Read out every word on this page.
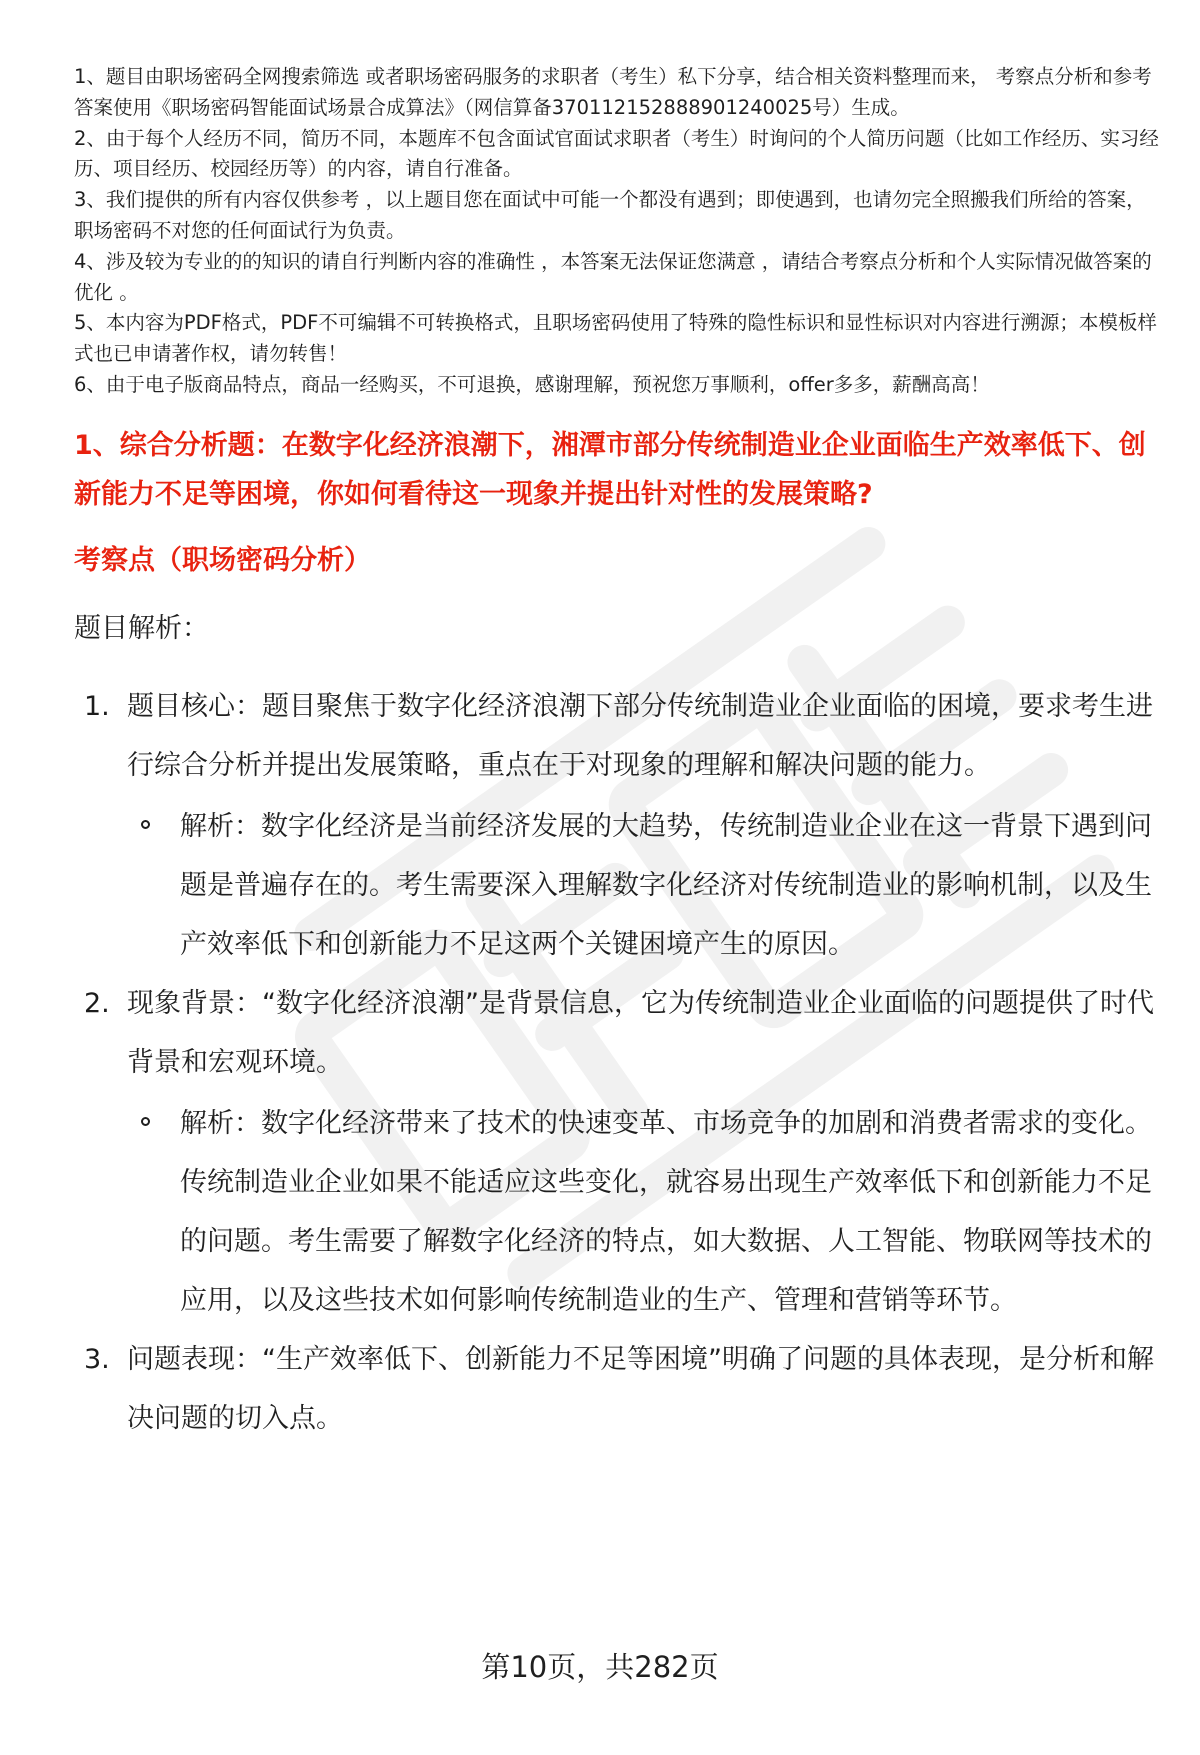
1、题目由职场密码全网搜索筛选 或者职场密码服务的求职者（考生）私下分享，结合相关资料整理而来， 考察点分析和参考答案使用《职场密码智能面试场景合成算法》（网信算备370112152888901240025号）生成。

2、由于每个人经历不同，简历不同，本题库不包含面试官面试求职者（考生）时询问的个人简历问题（比如工作经历、实习经历、项目经历、校园经历等）的内容，请自行准备。

3、我们提供的所有内容仅供参考 ，以上题目您在面试中可能一个都没有遇到；即使遇到，也请勿完全照搬我们所给的答案，职场密码不对您的任何面试行为负责。

4、涉及较为专业的的知识的请自行判断内容的准确性 ，本答案无法保证您满意 ，请结合考察点分析和个人实际情况做答案的优化 。

5、本内容为PDF格式，PDF不可编辑不可转换格式，且职场密码使用了特殊的隐性标识和显性标识对内容进行溯源；本模板样式也已申请著作权，请勿转售！

6、由于电子版商品特点，商品一经购买，不可退换，感谢理解，预祝您万事顺利，offer多多，薪酬高高！

1、综合分析题：在数字化经济浪潮下，湘潭市部分传统制造业企业面临生产效率低下、创新能力不足等困境，你如何看待这一现象并提出针对性的发展策略?
考察点（职场密码分析）
题目解析：
1. 题目核心：题目聚焦于数字化经济浪潮下部分传统制造业企业面临的困境，要求考生进行综合分析并提出发展策略，重点在于对现象的理解和解决问题的能力。
解析：数字化经济是当前经济发展的大趋势，传统制造业企业在这一背景下遇到问题是普遍存在的。考生需要深入理解数字化经济对传统制造业的影响机制，以及生产效率低下和创新能力不足这两个关键困境产生的原因。
2. 现象背景：“数字化经济浪潮”是背景信息，它为传统制造业企业面临的问题提供了时代背景和宏观环境。
解析：数字化经济带来了技术的快速变革、市场竞争的加剧和消费者需求的变化。传统制造业企业如果不能适应这些变化，就容易出现生产效率低下和创新能力不足的问题。考生需要了解数字化经济的特点，如大数据、人工智能、物联网等技术的应用，以及这些技术如何影响传统制造业的生产、管理和营销等环节。
3. 问题表现：“生产效率低下、创新能力不足等困境”明确了问题的具体表现，是分析和解决问题的切入点。
第10页，共282页
